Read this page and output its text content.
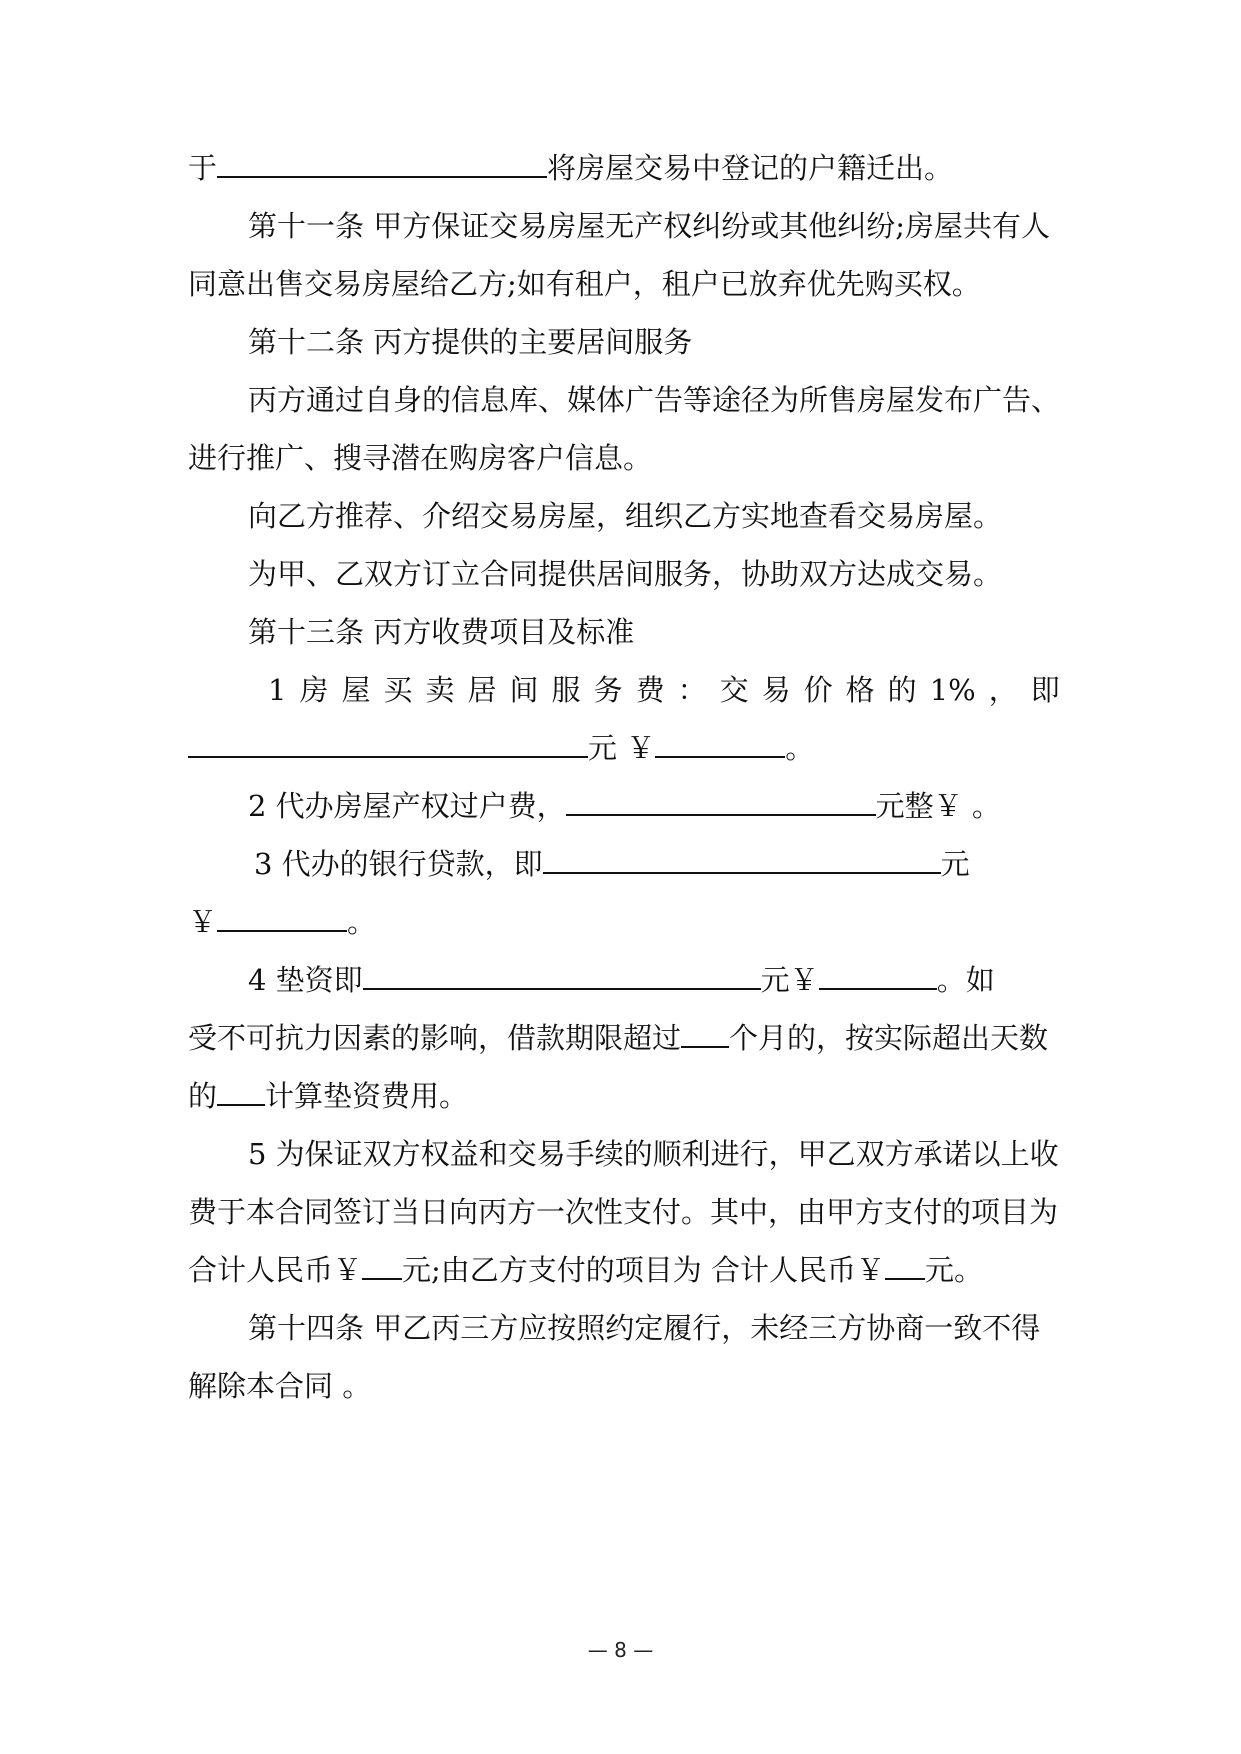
于	将房屋交易中登记的户籍迁出。
第十一条 甲方保证交易房屋无产权纠纷或其他纠纷;房屋共有人
同意出售交易房屋给乙方;如有租户，租户已放弃优先购买权。
第十二条 丙方提供的主要居间服务
丙方通过自身的信息库、媒体广告等途径为所售房屋发布广告、
进行推广、搜寻潜在购房客户信息。
向乙方推荐、介绍交易房屋，组织乙方实地查看交易房屋。
为甲、乙双方订立合同提供居间服务，协助双方达成交易。
第十三条 丙方收费项目及标准
1 房 屋 买 卖 居 间 服 务 费 ： 交 易 价 格 的 1% ， 即
元 ￥	。
2 代办房屋产权过户费，	元整￥ 。
3 代办的银行贷款，即	元
￥	。
4 垫资即	元￥	。如
受不可抗力因素的影响，借款期限超过 个月的，按实际超出天数
的 计算垫资费用。
5 为保证双方权益和交易手续的顺利进行，甲乙双方承诺以上收
费于本合同签订当日向丙方一次性支付。其中，由甲方支付的项目为
合计人民币￥ 元;由乙方支付的项目为 合计人民币￥ 元。
第十四条 甲乙丙三方应按照约定履行，未经三方协商一致不得
解除本合同 。
— 8 —
